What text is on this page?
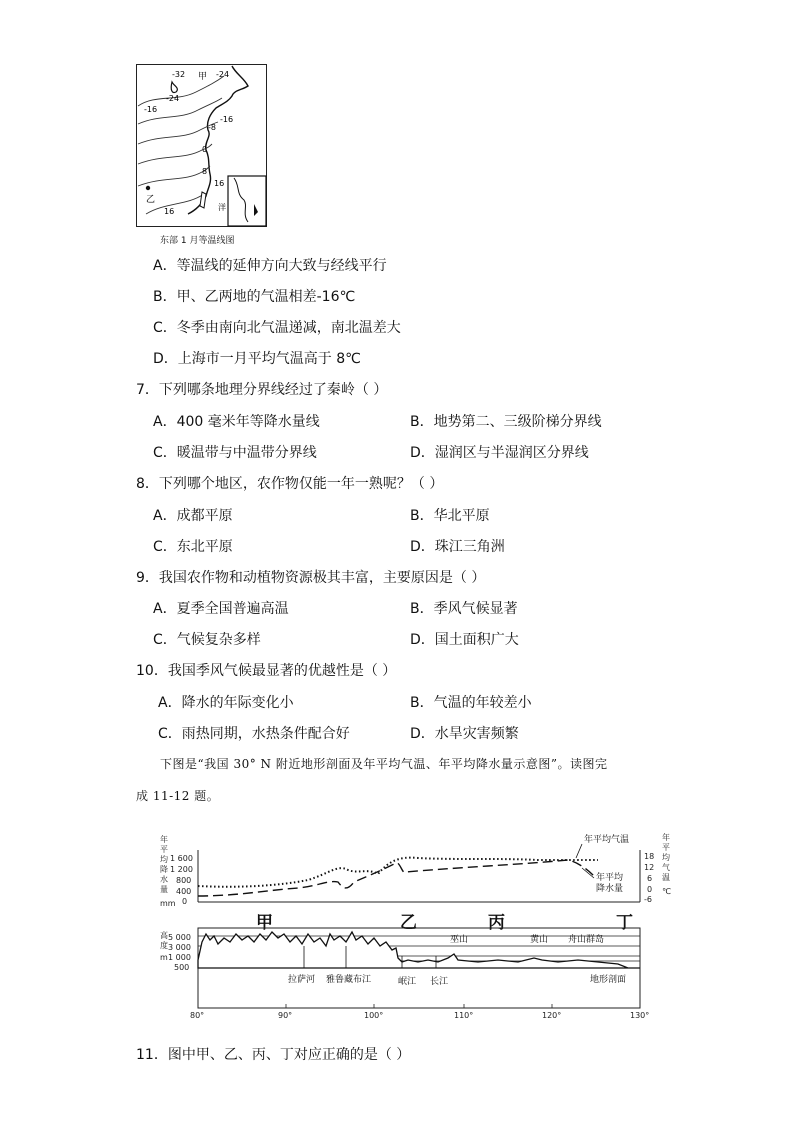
-32 甲 -24
-24
-16
-16
-8
0
8
16
16
乙
洋
东部 1 月等温线图
A．等温线的延伸方向大致与经线平行
B．甲、乙两地的气温相差-16℃
C．冬季由南向北气温递减，南北温差大
D．上海市一月平均气温高于 8℃
7．下列哪条地理分界线经过了秦岭（ ）
A．400 毫米年等降水量线	B．地势第二、三级阶梯分界线
C．暖温带与中温带分界线	D．湿润区与半湿润区分界线
8．下列哪个地区，农作物仅能一年一熟呢？（ ）
A．成都平原	B．华北平原
C．东北平原	D．珠江三角洲
9．我国农作物和动植物资源极其丰富，主要原因是（ ）
A．夏季全国普遍高温	B．季风气候显著
C．气候复杂多样	D．国土面积广大
10．我国季风气候最显著的优越性是（ ）
A．降水的年际变化小	B．气温的年较差小
C．雨热同期，水热条件配合好	D．水旱灾害频繁
下图是“我国 30° N 附近地形剖面及年平均气温、年平均降水量示意图”。读图完
成 11-12 题。
年
平
均
降
水
量
mm
1 600
1 200
800
400
0
18
12
6
0
-6
年
平
均
气
温
℃
年平均气温
年平均
降水量
甲	乙	丙	丁
高
度
m
5 000
3 000
1 000
500
巫山	黄山 舟山群岛
拉萨河 雅鲁藏布江	岷江 长江	地形剖面
80°	90°	100°	110°	120°	130°
11．图中甲、乙、丙、丁对应正确的是（ ）
